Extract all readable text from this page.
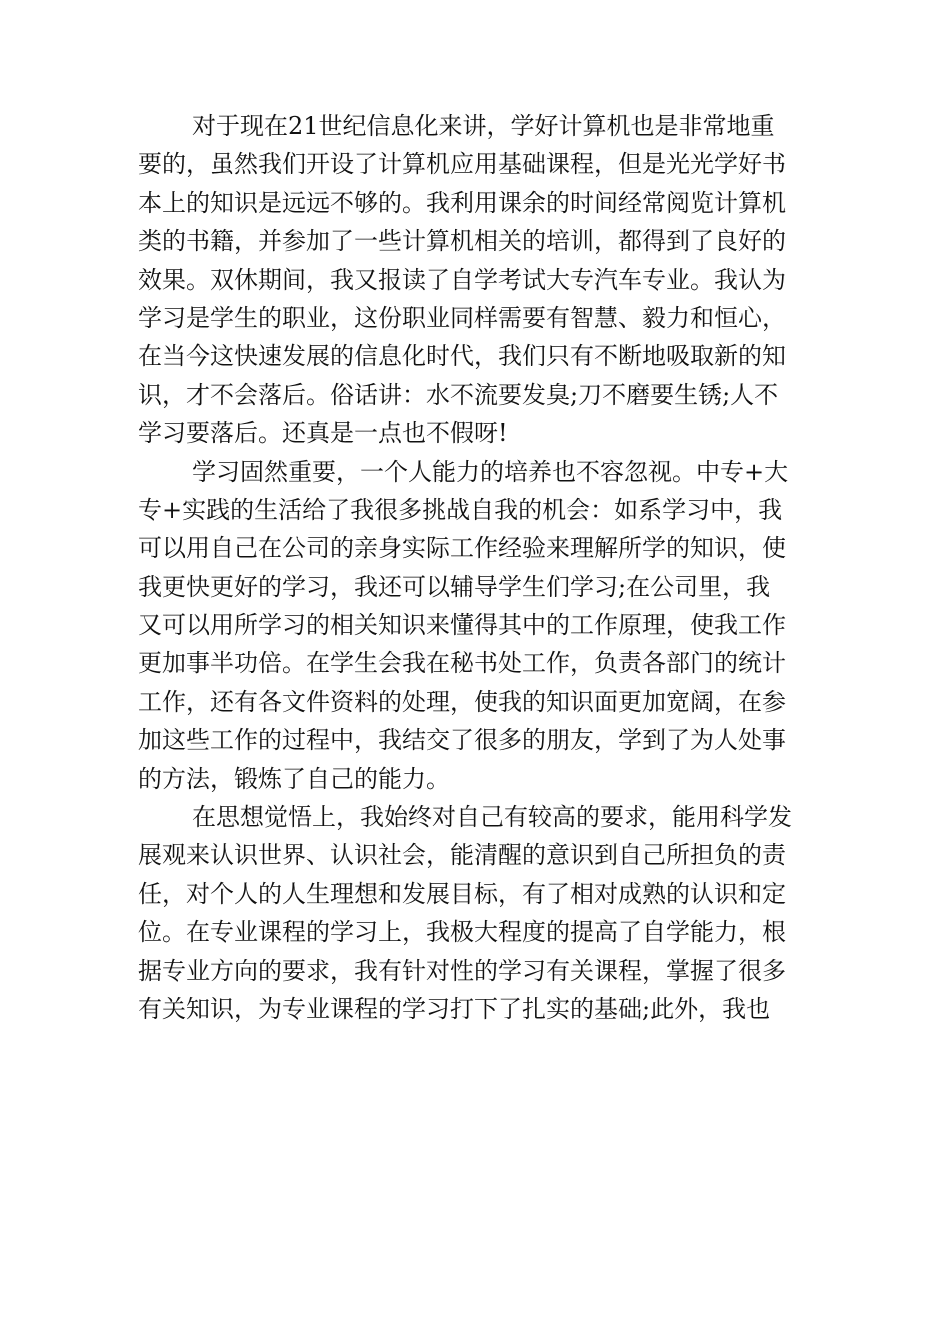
对于现在21世纪信息化来讲，学好计算机也是非常地重
要的，虽然我们开设了计算机应用基础课程，但是光光学好书
本上的知识是远远不够的。我利用课余的时间经常阅览计算机
类的书籍，并参加了一些计算机相关的培训，都得到了良好的
效果。双休期间，我又报读了自学考试大专汽车专业。我认为
学习是学生的职业，这份职业同样需要有智慧、毅力和恒心，
在当今这快速发展的信息化时代，我们只有不断地吸取新的知
识，才不会落后。俗话讲：水不流要发臭;刀不磨要生锈;人不
学习要落后。还真是一点也不假呀!
学习固然重要，一个人能力的培养也不容忽视。中专+大
专+实践的生活给了我很多挑战自我的机会：如系学习中，我
可以用自己在公司的亲身实际工作经验来理解所学的知识，使
我更快更好的学习，我还可以辅导学生们学习;在公司里，我
又可以用所学习的相关知识来懂得其中的工作原理，使我工作
更加事半功倍。在学生会我在秘书处工作，负责各部门的统计
工作，还有各文件资料的处理，使我的知识面更加宽阔，在参
加这些工作的过程中，我结交了很多的朋友，学到了为人处事
的方法，锻炼了自己的能力。
在思想觉悟上，我始终对自己有较高的要求，能用科学发
展观来认识世界、认识社会，能清醒的意识到自己所担负的责
任，对个人的人生理想和发展目标，有了相对成熟的认识和定
位。在专业课程的学习上，我极大程度的提高了自学能力，根
据专业方向的要求，我有针对性的学习有关课程，掌握了很多
有关知识，为专业课程的学习打下了扎实的基础;此外，我也
